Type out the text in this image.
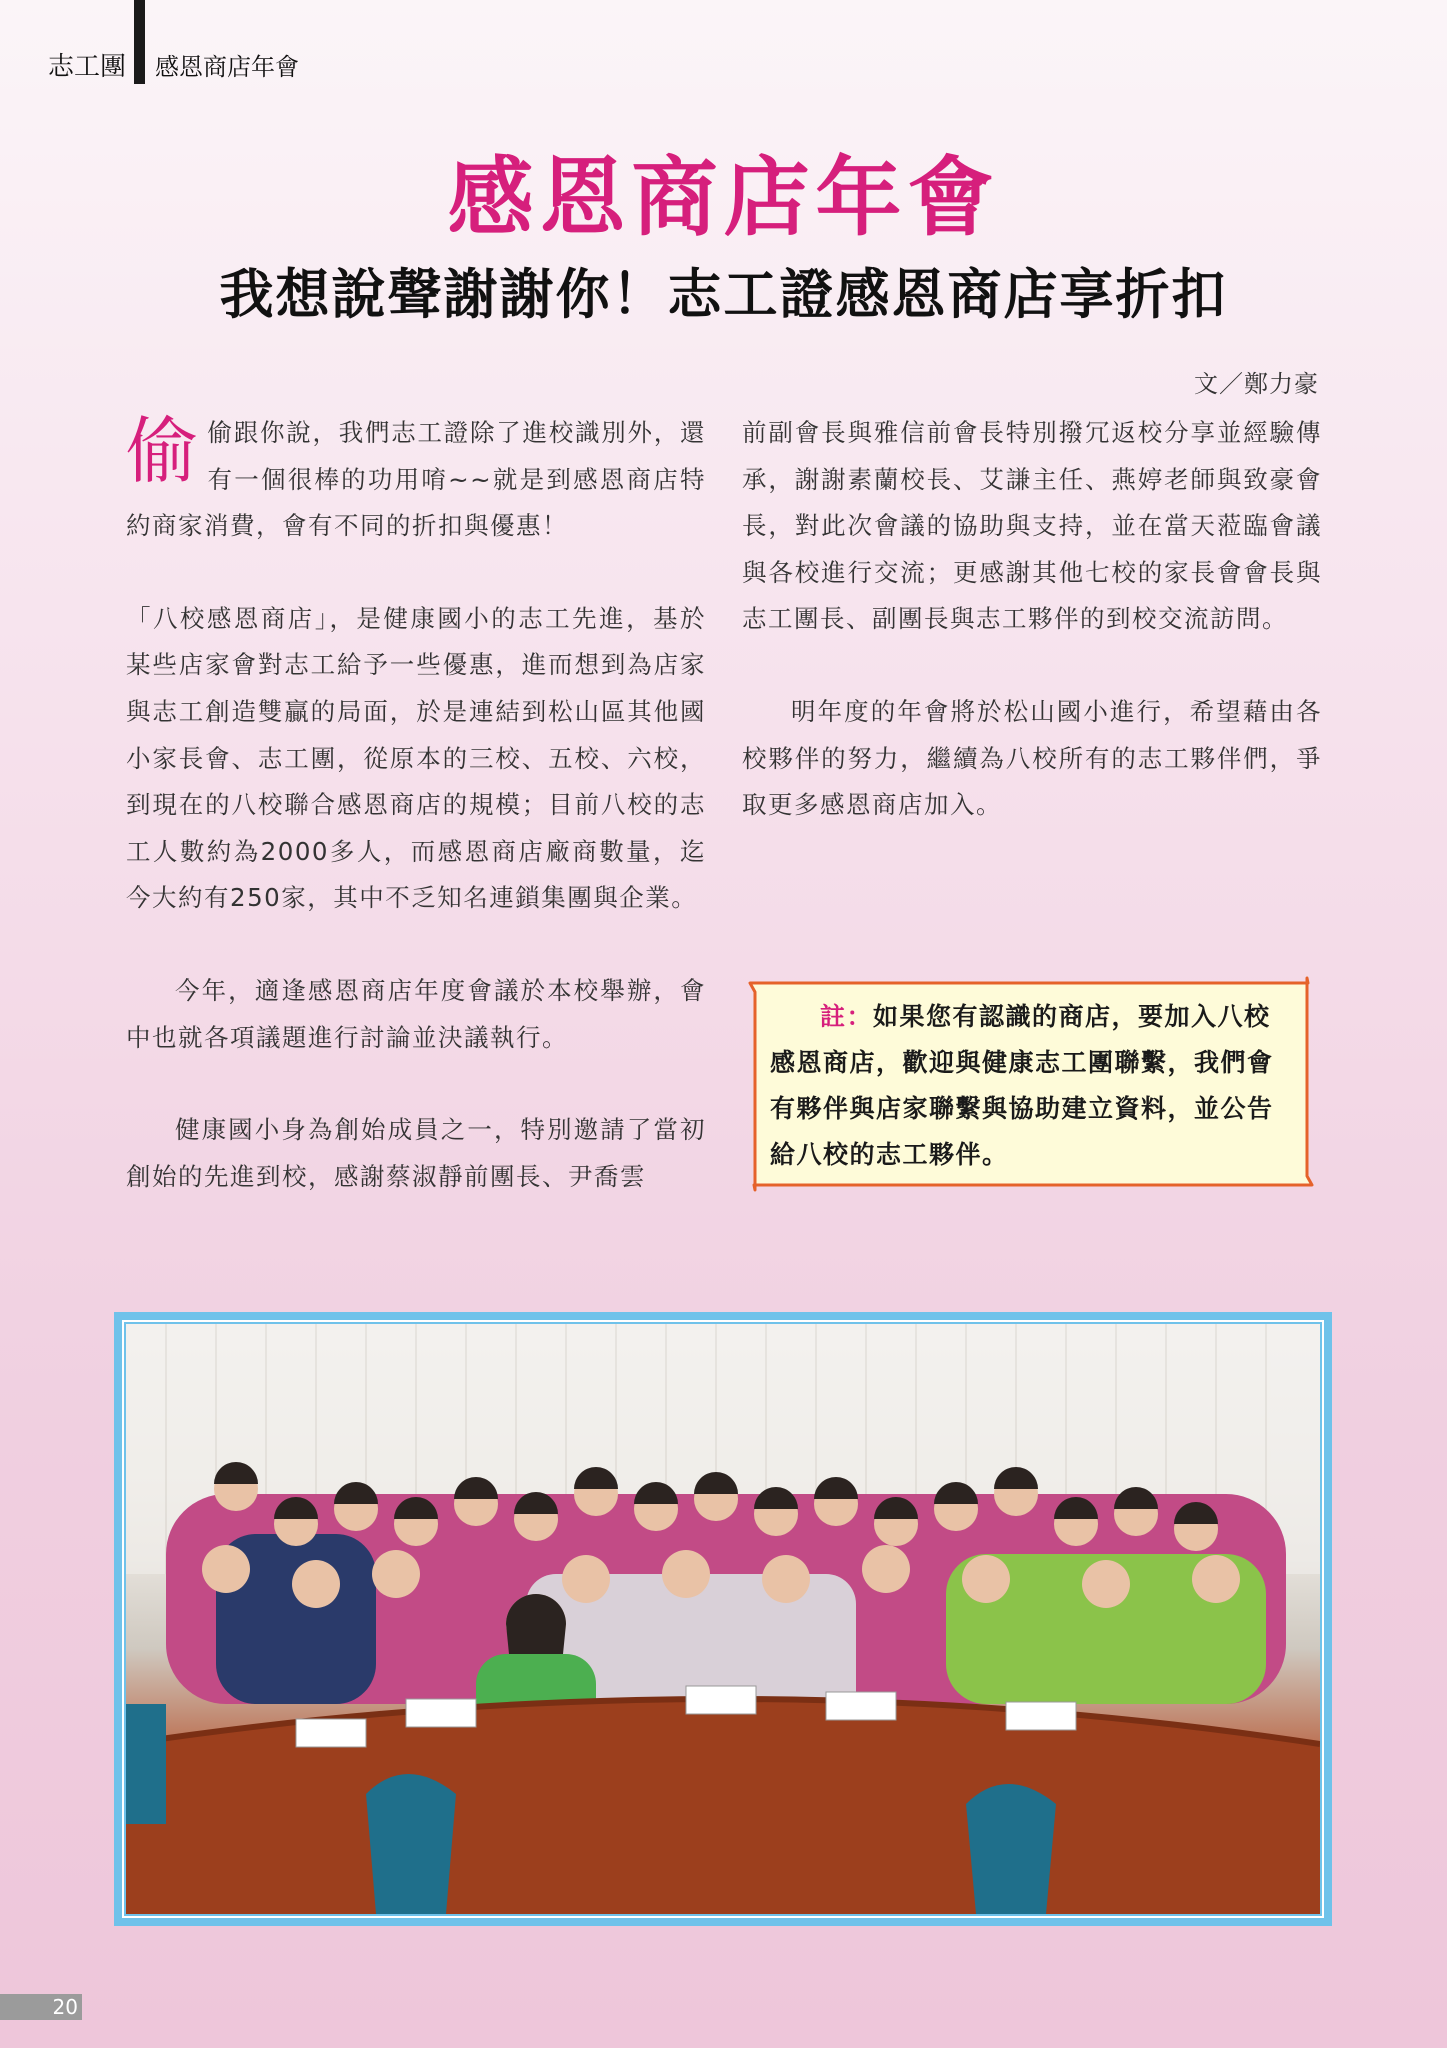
志工團 感恩商店年會
感恩商店年會
我想說聲謝謝你！志工證感恩商店享折扣
文／鄭力豪

偷偷跟你說，我們志工證除了進校識別外，還有一個很棒的功用唷~~就是到感恩商店特約商家消費，會有不同的折扣與優惠！

「八校感恩商店」，是健康國小的志工先進，基於某些店家會對志工給予一些優惠，進而想到為店家與志工創造雙贏的局面，於是連結到松山區其他國小家長會、志工團，從原本的三校、五校、六校，到現在的八校聯合感恩商店的規模；目前八校的志工人數約為2000多人，而感恩商店廠商數量，迄今大約有250家，其中不乏知名連鎖集團與企業。

今年，適逢感恩商店年度會議於本校舉辦，會中也就各項議題進行討論並決議執行。

健康國小身為創始成員之一，特別邀請了當初創始的先進到校，感謝蔡淑靜前團長、尹喬雲

前副會長與雅信前會長特別撥冗返校分享並經驗傳承，謝謝素蘭校長、艾謙主任、燕婷老師與致豪會長，對此次會議的協助與支持，並在當天蒞臨會議與各校進行交流；更感謝其他七校的家長會會長與志工團長、副團長與志工夥伴的到校交流訪問。

明年度的年會將於松山國小進行，希望藉由各校夥伴的努力，繼續為八校所有的志工夥伴們，爭取更多感恩商店加入。

註：如果您有認識的商店，要加入八校感恩商店，歡迎與健康志工團聯繫，我們會有夥伴與店家聯繫與協助建立資料，並公告給八校的志工夥伴。
20
